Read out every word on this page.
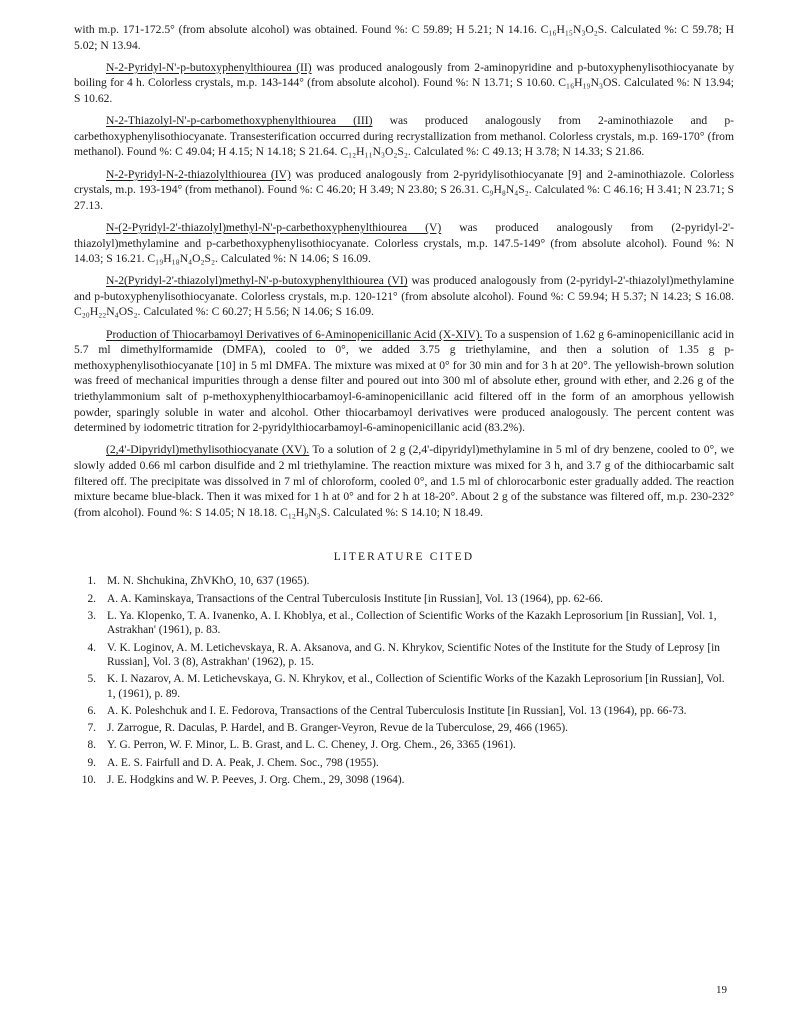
with m.p. 171-172.5° (from absolute alcohol) was obtained. Found %: C 59.89; H 5.21; N 14.16. C₁₆H₁₅N₃O₂S. Calculated %: C 59.78; H 5.02; N 13.94.

N-2-Pyridyl-N'-p-butoxyphenylthiourea (II) was produced analogously from 2-aminopyridine and p-butoxyphenylisothiocyanate by boiling for 4 h. Colorless crystals, m.p. 143-144° (from absolute alcohol). Found %: N 13.71; S 10.60. C₁₆H₁₉N₃OS. Calculated %: N 13.94; S 10.62.

N-2-Thiazolyl-N'-p-carbomethoxyphenylthiourea (III) was produced analogously from 2-aminothiazole and p-carbethoxyphenylisothiocyanate. Transesterification occurred during recrystallization from methanol. Colorless crystals, m.p. 169-170° (from methanol). Found %: C 49.04; H 4.15; N 14.18; S 21.64. C₁₂H₁₁N₃O₂S₂. Calculated %: C 49.13; H 3.78; N 14.33; S 21.86.

N-2-Pyridyl-N-2-thiazolylthiourea (IV) was produced analogously from 2-pyridylisothiocyanate [9] and 2-aminothiazole. Colorless crystals, m.p. 193-194° (from methanol). Found %: C 46.20; H 3.49; N 23.80; S 26.31. C₉H₈N₄S₂. Calculated %: C 46.16; H 3.41; N 23.71; S 27.13.

N-(2-Pyridyl-2'-thiazolyl)methyl-N'-p-carbethoxyphenylthiourea (V) was produced analogously from (2-pyridyl-2'-thiazolyl)methylamine and p-carbethoxyphenylisothiocyanate. Colorless crystals, m.p. 147.5-149° (from absolute alcohol). Found %: N 14.03; S 16.21. C₁₉H₁₈N₄O₂S₂. Calculated %: N 14.06; S 16.09.

N-2(Pyridyl-2'-thiazolyl)methyl-N'-p-butoxyphenylthiourea (VI) was produced analogously from (2-pyridyl-2'-thiazolyl)methylamine and p-butoxyphenylisothiocyanate. Colorless crystals, m.p. 120-121° (from absolute alcohol). Found %: C 59.94; H 5.37; N 14.23; S 16.08. C₂₀H₂₂N₄OS₂. Calculated %: C 60.27; H 5.56; N 14.06; S 16.09.

Production of Thiocarbamoyl Derivatives of 6-Aminopenicillanic Acid (X-XIV). To a suspension of 1.62 g 6-aminopenicillanic acid in 5.7 ml dimethylformamide (DMFA), cooled to 0°, we added 3.75 g triethylamine, and then a solution of 1.35 g p-methoxyphenylisothiocyanate [10] in 5 ml DMFA. The mixture was mixed at 0° for 30 min and for 3 h at 20°. The yellowish-brown solution was freed of mechanical impurities through a dense filter and poured out into 300 ml of absolute ether, ground with ether, and 2.26 g of the triethylammonium salt of p-methoxyphenylthiocarbamoyl-6-aminopenicillanic acid filtered off in the form of an amorphous yellowish powder, sparingly soluble in water and alcohol. Other thiocarbamoyl derivatives were produced analogously. The percent content was determined by iodometric titration for 2-pyridylthiocarbamoyl-6-aminopenicillanic acid (83.2%).

(2,4'-Dipyridyl)methylisothiocyanate (XV). To a solution of 2 g (2,4'-dipyridyl)methylamine in 5 ml of dry benzene, cooled to 0°, we slowly added 0.66 ml carbon disulfide and 2 ml triethylamine. The reaction mixture was mixed for 3 h, and 3.7 g of the dithiocarbamic salt filtered off. The precipitate was dissolved in 7 ml of chloroform, cooled 0°, and 1.5 ml of chlorocarbonic ester gradually added. The reaction mixture became blue-black. Then it was mixed for 1 h at 0° and for 2 h at 18-20°. About 2 g of the substance was filtered off, m.p. 230-232° (from alcohol). Found %: S 14.05; N 18.18. C₁₂H₉N₃S. Calculated %: S 14.10; N 18.49.

LITERATURE CITED
1. M. N. Shchukina, ZhVKhO, 10, 637 (1965).
2. A. A. Kaminskaya, Transactions of the Central Tuberculosis Institute [in Russian], Vol. 13 (1964), pp. 62-66.
3. L. Ya. Klopenko, T. A. Ivanenko, A. I. Khoblya, et al., Collection of Scientific Works of the Kazakh Leprosorium [in Russian], Vol. 1, Astrakhan' (1961), p. 83.
4. V. K. Loginov, A. M. Letichevskaya, R. A. Aksanova, and G. N. Khrykov, Scientific Notes of the Institute for the Study of Leprosy [in Russian], Vol. 3 (8), Astrakhan' (1962), p. 15.
5. K. I. Nazarov, A. M. Letichevskaya, G. N. Khrykov, et al., Collection of Scientific Works of the Kazakh Leprosorium [in Russian], Vol. 1, (1961), p. 89.
6. A. K. Poleshchuk and I. E. Fedorova, Transactions of the Central Tuberculosis Institute [in Russian], Vol. 13 (1964), pp. 66-73.
7. J. Zarrogue, R. Daculas, P. Hardel, and B. Granger-Veyron, Revue de la Tuberculose, 29, 466 (1965).
8. Y. G. Perron, W. F. Minor, L. B. Grast, and L. C. Cheney, J. Org. Chem., 26, 3365 (1961).
9. A. E. S. Fairfull and D. A. Peak, J. Chem. Soc., 798 (1955).
10. J. E. Hodgkins and W. P. Peeves, J. Org. Chem., 29, 3098 (1964).
19
